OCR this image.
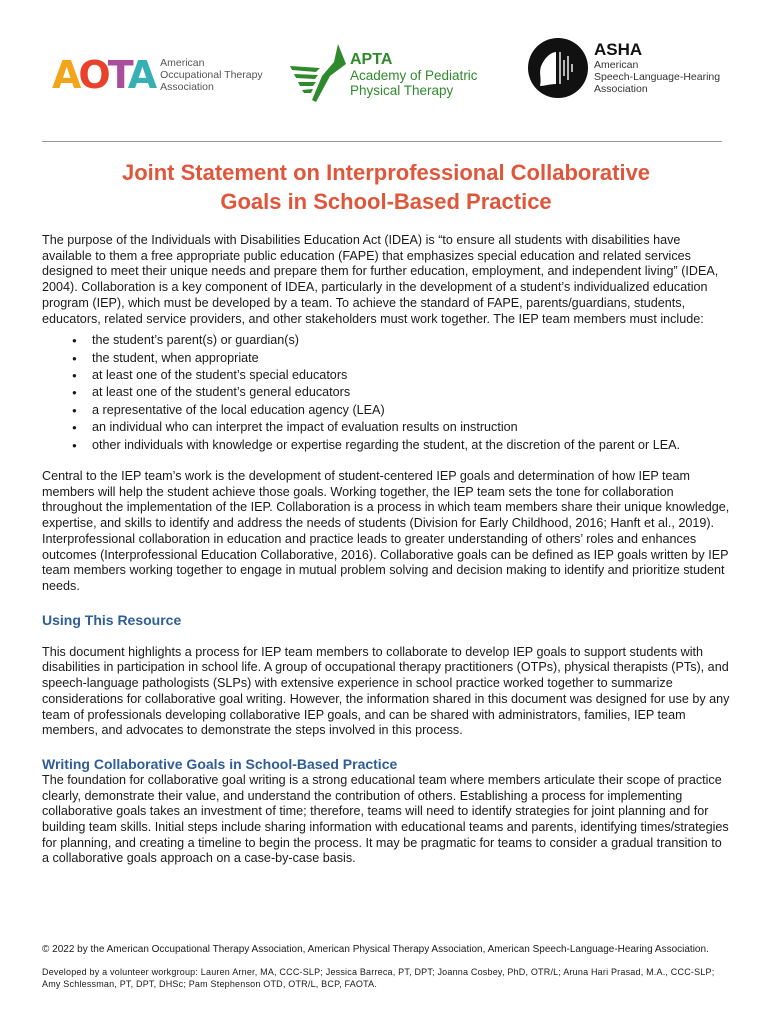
AOTA American
Occupational Therapy
Association
APTA
Academy of Pediatric
Physical Therapy
ASHA
American
Speech-Language-Hearing
Association
Joint Statement on Interprofessional Collaborative
Goals in School-Based Practice

The purpose of the Individuals with Disabilities Education Act (IDEA) is “to ensure all students with disabilities have available to them a free appropriate public education (FAPE) that emphasizes special education and related services designed to meet their unique needs and prepare them for further education, employment, and independent living” (IDEA, 2004). Collaboration is a key component of IDEA, particularly in the development of a student’s individualized education program (IEP), which must be developed by a team. To achieve the standard of FAPE, parents/guardians, students, educators, related service providers, and other stakeholders must work together. The IEP team members must include:

● the student’s parent(s) or guardian(s)
● the student, when appropriate
● at least one of the student’s special educators
● at least one of the student’s general educators
● a representative of the local education agency (LEA)
● an individual who can interpret the impact of evaluation results on instruction
● other individuals with knowledge or expertise regarding the student, at the discretion of the parent or LEA.

Central to the IEP team’s work is the development of student-centered IEP goals and determination of how IEP team members will help the student achieve those goals. Working together, the IEP team sets the tone for collaboration throughout the implementation of the IEP. Collaboration is a process in which team members share their unique knowledge, expertise, and skills to identify and address the needs of students (Division for Early Childhood, 2016; Hanft et al., 2019). Interprofessional collaboration in education and practice leads to greater understanding of others’ roles and enhances outcomes (Interprofessional Education Collaborative, 2016). Collaborative goals can be defined as IEP goals written by IEP team members working together to engage in mutual problem solving and decision making to identify and prioritize student needs.

Using This Resource

This document highlights a process for IEP team members to collaborate to develop IEP goals to support students with disabilities in participation in school life. A group of occupational therapy practitioners (OTPs), physical therapists (PTs), and speech-language pathologists (SLPs) with extensive experience in school practice worked together to summarize considerations for collaborative goal writing. However, the information shared in this document was designed for use by any team of professionals developing collaborative IEP goals, and can be shared with administrators, families, IEP team members, and advocates to demonstrate the steps involved in this process.

Writing Collaborative Goals in School-Based Practice

The foundation for collaborative goal writing is a strong educational team where members articulate their scope of practice clearly, demonstrate their value, and understand the contribution of others. Establishing a process for implementing collaborative goals takes an investment of time; therefore, teams will need to identify strategies for joint planning and for building team skills. Initial steps include sharing information with educational teams and parents, identifying times/strategies for planning, and creating a timeline to begin the process. It may be pragmatic for teams to consider a gradual transition to a collaborative goals approach on a case-by-case basis.

© 2022 by the American Occupational Therapy Association, American Physical Therapy Association, American Speech-Language-Hearing Association.
Developed by a volunteer workgroup: Lauren Arner, MA, CCC-SLP; Jessica Barreca, PT, DPT; Joanna Cosbey, PhD, OTR/L; Aruna Hari Prasad, M.A., CCC-SLP; Amy Schlessman, PT, DPT, DHSc; Pam Stephenson OTD, OTR/L, BCP, FAOTA.
